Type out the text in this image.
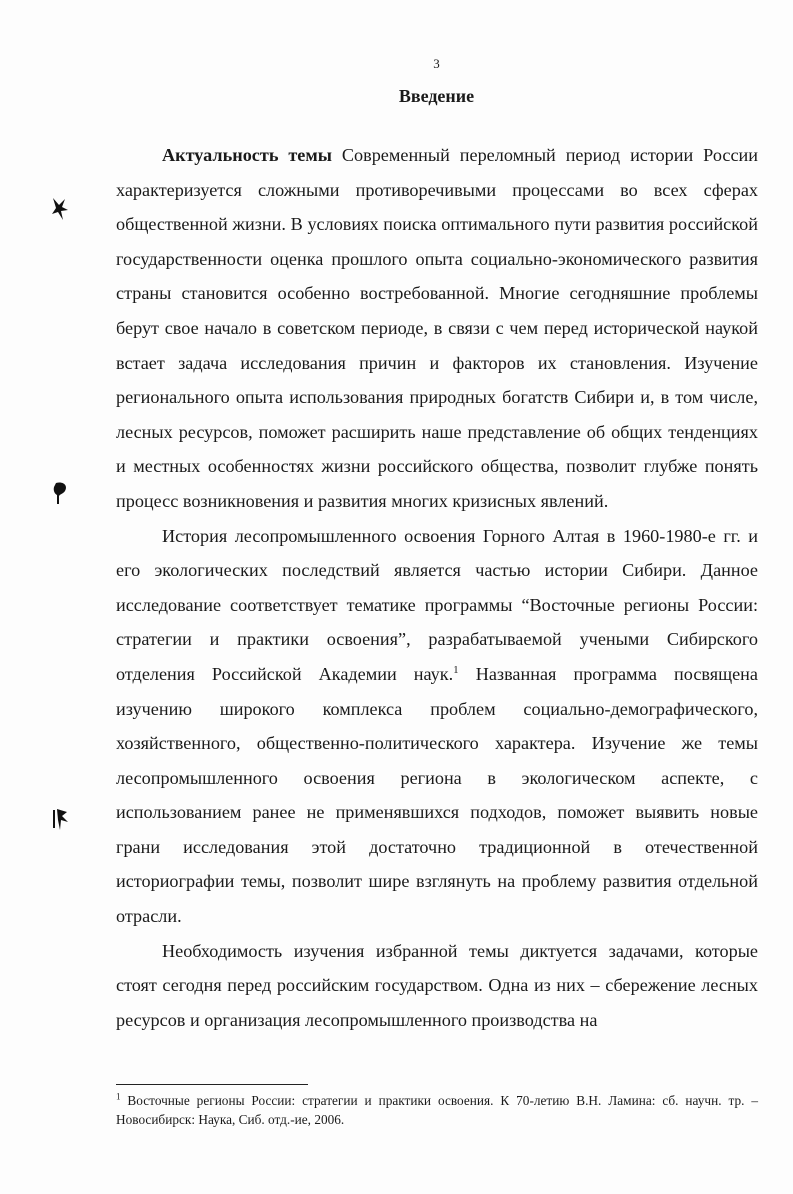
3
Введение

Актуальность темы Современный переломный период истории России характеризуется сложными противоречивыми процессами во всех сферах общественной жизни. В условиях поиска оптимального пути развития российской государственности оценка прошлого опыта социально-экономического развития страны становится особенно востребованной. Многие сегодняшние проблемы берут свое начало в советском периоде, в связи с чем перед исторической наукой встает задача исследования причин и факторов их становления. Изучение регионального опыта использования природных богатств Сибири и, в том числе, лесных ресурсов, поможет расширить наше представление об общих тенденциях и местных особенностях жизни российского общества, позволит глубже понять процесс возникновения и развития многих кризисных явлений.

История лесопромышленного освоения Горного Алтая в 1960-1980-е гг. и его экологических последствий является частью истории Сибири. Данное исследование соответствует тематике программы “Восточные регионы России: стратегии и практики освоения”, разрабатываемой учеными Сибирского отделения Российской Академии наук.$^1$ Названная программа посвящена изучению широкого комплекса проблем социально-демографического, хозяйственного, общественно-политического характера. Изучение же темы лесопромышленного освоения региона в экологическом аспекте, с использованием ранее не применявшихся подходов, поможет выявить новые грани исследования этой достаточно традиционной в отечественной историографии темы, позволит шире взглянуть на проблему развития отдельной отрасли.

Необходимость изучения избранной темы диктуется задачами, которые стоят сегодня перед российским государством. Одна из них – сбережение лесных ресурсов и организация лесопромышленного производства на

$^1$ Восточные регионы России: стратегии и практики освоения. К 70-летию В.Н. Ламина: сб. научн. тр. – Новосибирск: Наука, Сиб. отд.-ие, 2006.
